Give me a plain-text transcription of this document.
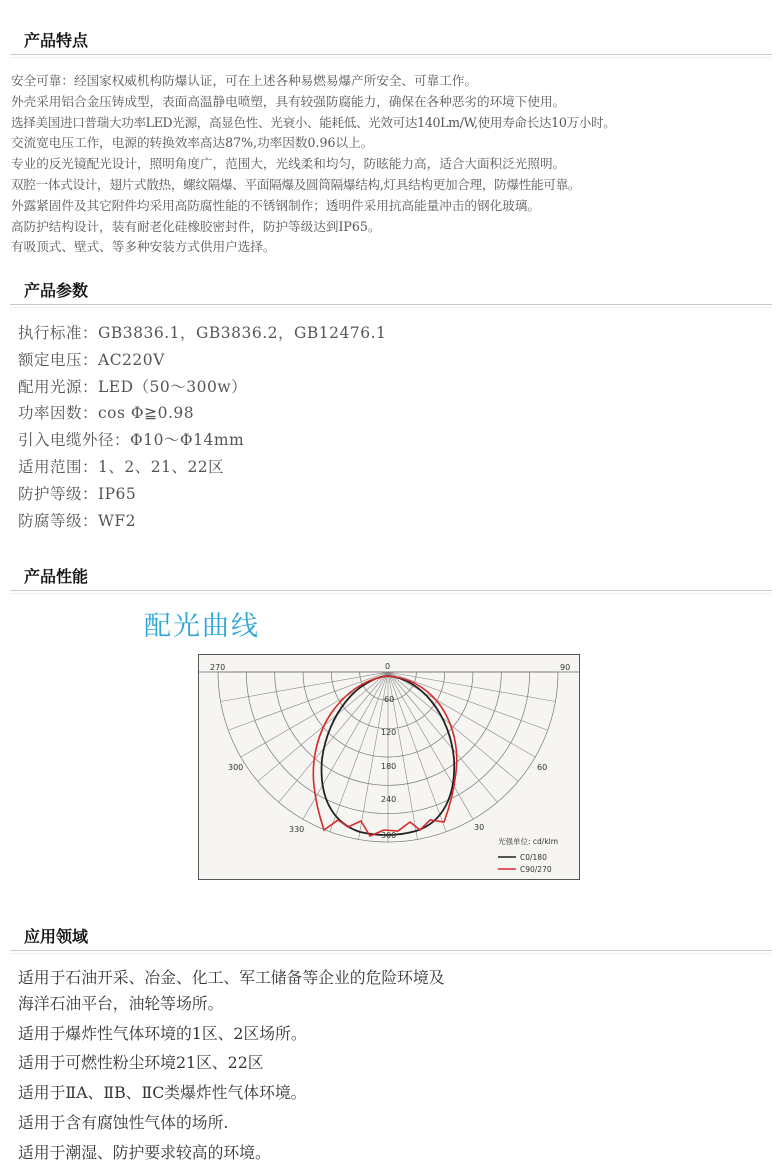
产品特点
安全可靠：经国家权威机构防爆认证，可在上述各种易燃易爆产所安全、可靠工作。
外壳采用铝合金压铸成型，表面高温静电喷塑，具有较强防腐能力，确保在各种恶劣的环境下使用。
选择美国进口普瑞大功率LED光源，高显色性、光衰小、能耗低、光效可达140Lm/W,使用寿命长达10万小时。
交流宽电压工作，电源的转换效率高达87%,功率因数0.96以上。
专业的反光镜配光设计，照明角度广，范围大，光线柔和均匀，防眩能力高，适合大面积泛光照明。
双腔一体式设计，翅片式散热，螺纹隔爆、平面隔爆及圆筒隔爆结构,灯具结构更加合理，防爆性能可靠。
外露紧固件及其它附件均采用高防腐性能的不锈钢制作；透明件采用抗高能量冲击的钢化玻璃。
高防护结构设计，装有耐老化硅橡胶密封件，防护等级达到IP65。
有吸顶式、壁式、等多种安装方式供用户选择。
产品参数
执行标准：GB3836.1，GB3836.2，GB12476.1
额定电压：AC220V
配用光源：LED（50～300w）
功率因数：cos Φ≧0.98
引入电缆外径：Φ10～Φ14mm
适用范围：1、2、21、22区
防护等级：IP65
防腐等级：WF2
产品性能
配光曲线
270	0	90
300	60
330	30
60
120
180
240
300
光强单位: cd/klm
C0/180
C90/270
应用领域
适用于石油开采、冶金、化工、军工储备等企业的危险环境及
海洋石油平台，油轮等场所。
适用于爆炸性气体环境的1区、2区场所。
适用于可燃性粉尘环境21区、22区
适用于ⅡA、ⅡB、ⅡC类爆炸性气体环境。
适用于含有腐蚀性气体的场所.
适用于潮湿、防护要求较高的环境。
